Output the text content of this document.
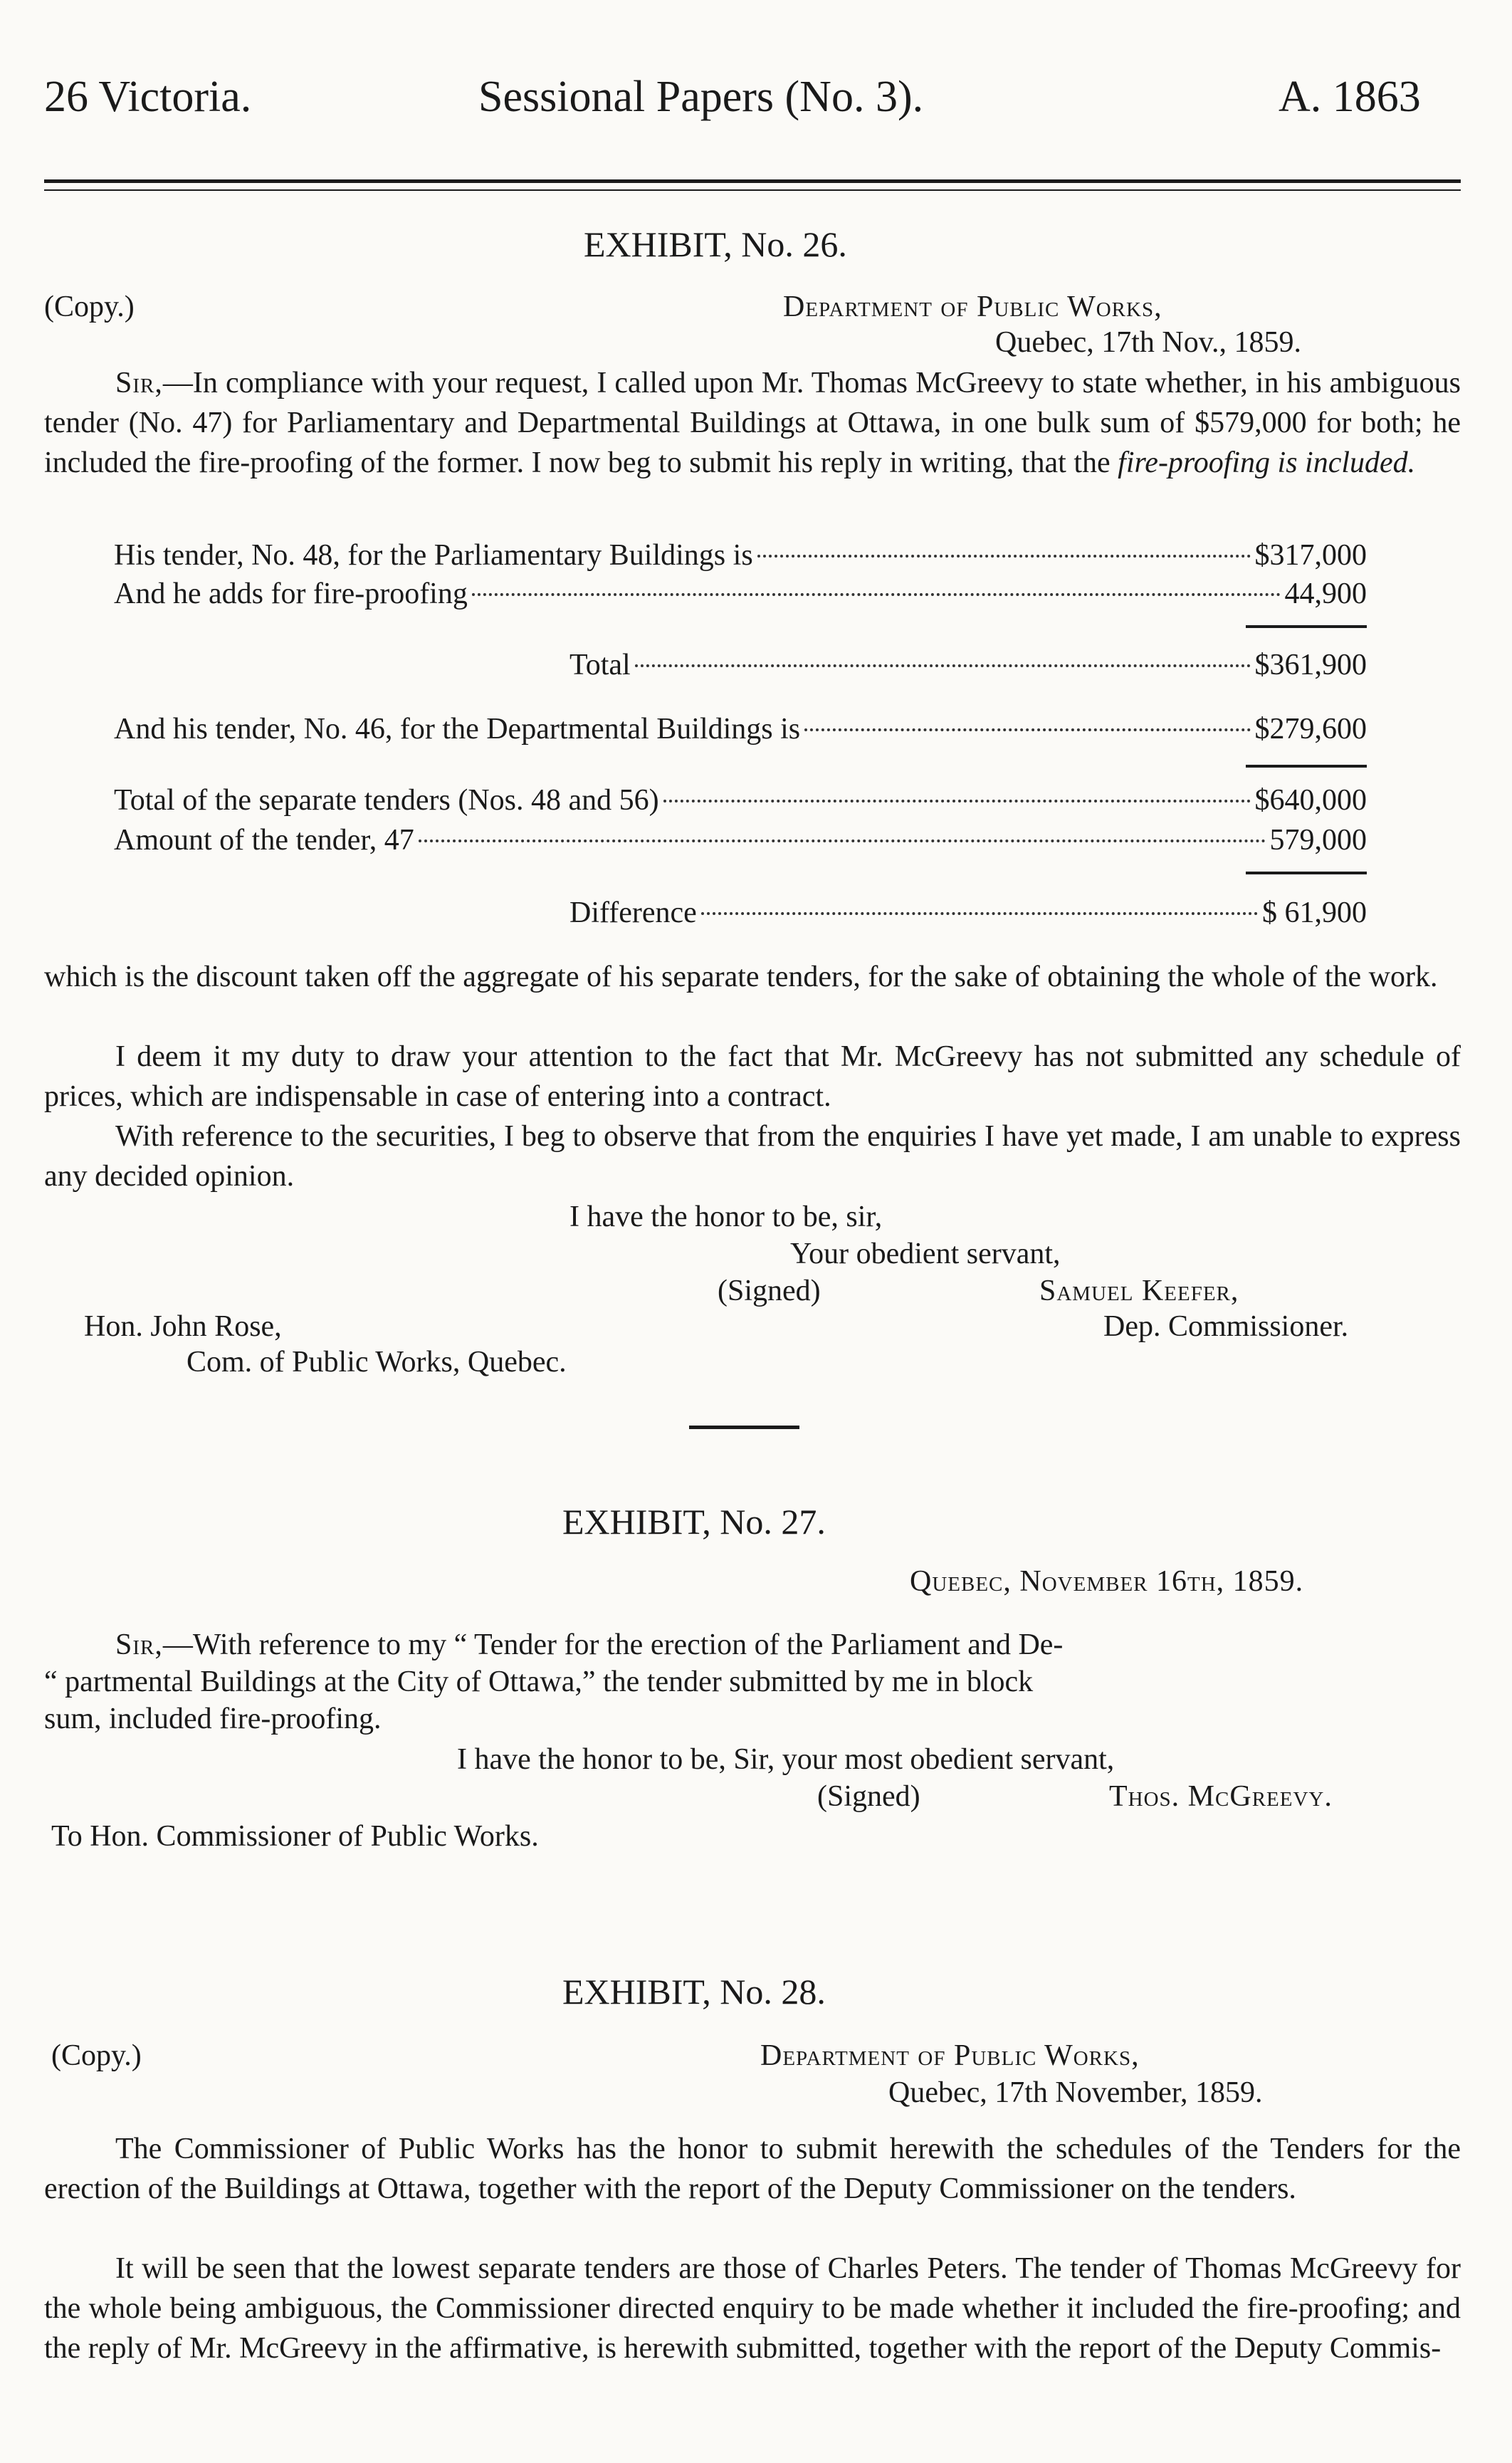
26 Victoria.	Sessional Papers (No. 3).	A. 1863
EXHIBIT, No. 26.
(Copy.)	Department of Public Works,
Quebec, 17th Nov., 1859.
Sir,—In compliance with your request, I called upon Mr. Thomas McGreevy to state whether, in his ambiguous tender (No. 47) for Parliamentary and Departmental Buildings at Ottawa, in one bulk sum of $579,000 for both; he included the fire-proofing of the former. I now beg to submit his reply in writing, that the fire-proofing is included.
His tender, No. 48, for the Parliamentary Buildings is	$317,000
And he adds for fire-proofing	44,900
Total	$361,900
And his tender, No. 46, for the Departmental Buildings is	$279,600
Total of the separate tenders (Nos. 48 and 56)	$640,000
Amount of the tender, 47	579,000
Difference	$ 61,900
which is the discount taken off the aggregate of his separate tenders, for the sake of obtaining the whole of the work.
I deem it my duty to draw your attention to the fact that Mr. McGreevy has not submitted any schedule of prices, which are indispensable in case of entering into a contract.
With reference to the securities, I beg to observe that from the enquiries I have yet made, I am unable to express any decided opinion.
I have the honor to be, sir,
Your obedient servant,
(Signed)	Samuel Keefer,
Hon. John Rose,	Dep. Commissioner.
Com. of Public Works, Quebec.
EXHIBIT, No. 27.
Quebec, November 16th, 1859.
Sir,—With reference to my “ Tender for the erection of the Parliament and De-
“ partmental Buildings at the City of Ottawa,” the tender submitted by me in block
sum, included fire-proofing.
I have the honor to be, Sir, your most obedient servant,
(Signed)	Thos. McGreevy.
To Hon. Commissioner of Public Works.
EXHIBIT, No. 28.
(Copy.)	Department of Public Works,
Quebec, 17th November, 1859.
The Commissioner of Public Works has the honor to submit herewith the schedules of the Tenders for the erection of the Buildings at Ottawa, together with the report of the Deputy Commissioner on the tenders.
It will be seen that the lowest separate tenders are those of Charles Peters. The tender of Thomas McGreevy for the whole being ambiguous, the Commissioner directed enquiry to be made whether it included the fire-proofing; and the reply of Mr. McGreevy in the affirmative, is herewith submitted, together with the report of the Deputy Commis-
